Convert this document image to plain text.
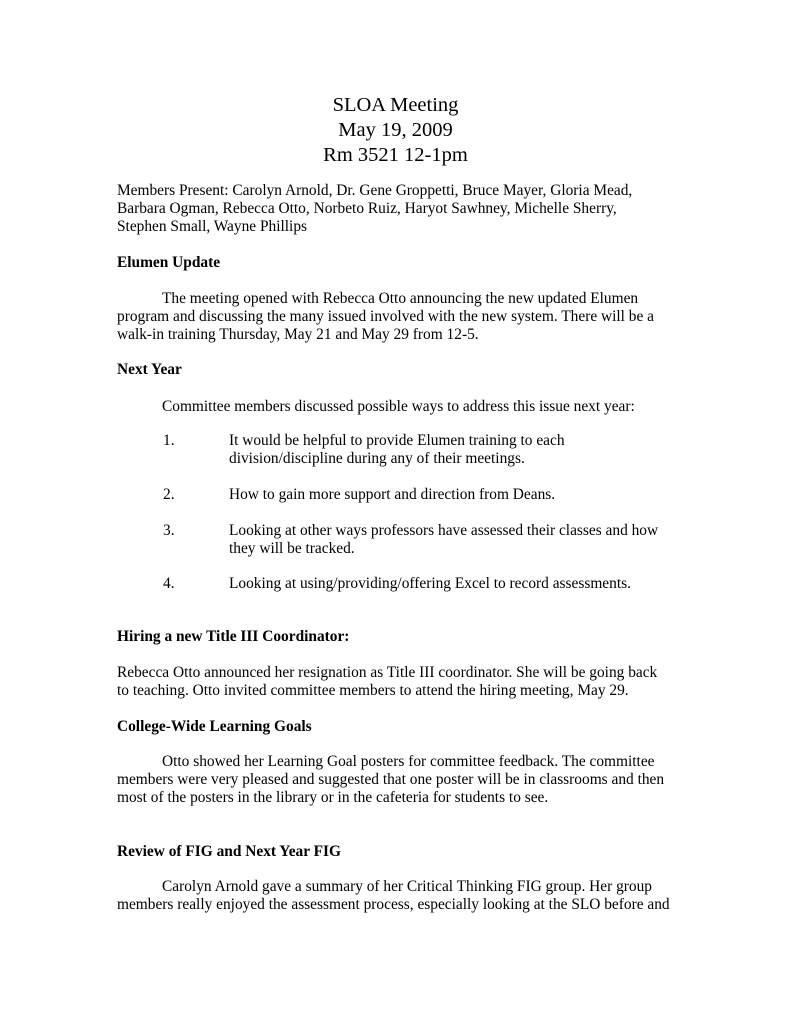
SLOA Meeting
May 19, 2009
Rm 3521 12-1pm
Members Present: Carolyn Arnold, Dr. Gene Groppetti, Bruce Mayer, Gloria Mead,
Barbara Ogman, Rebecca Otto, Norbeto Ruiz, Haryot Sawhney, Michelle Sherry,
Stephen Small, Wayne Phillips
Elumen Update
The meeting opened with Rebecca Otto announcing the new updated Elumen
program and discussing the many issued involved with the new system. There will be a
walk-in training Thursday, May 21 and May 29 from 12-5.
Next Year
Committee members discussed possible ways to address this issue next year:
1.	It would be helpful to provide Elumen training to each
division/discipline during any of their meetings.
2.	How to gain more support and direction from Deans.
3.	Looking at other ways professors have assessed their classes and how
they will be tracked.
4.	Looking at using/providing/offering Excel to record assessments.
Hiring a new Title III Coordinator:
Rebecca Otto announced her resignation as Title III coordinator. She will be going back
to teaching. Otto invited committee members to attend the hiring meeting, May 29.
College-Wide Learning Goals
Otto showed her Learning Goal posters for committee feedback. The committee
members were very pleased and suggested that one poster will be in classrooms and then
most of the posters in the library or in the cafeteria for students to see.
Review of FIG and Next Year FIG
Carolyn Arnold gave a summary of her Critical Thinking FIG group. Her group
members really enjoyed the assessment process, especially looking at the SLO before and
